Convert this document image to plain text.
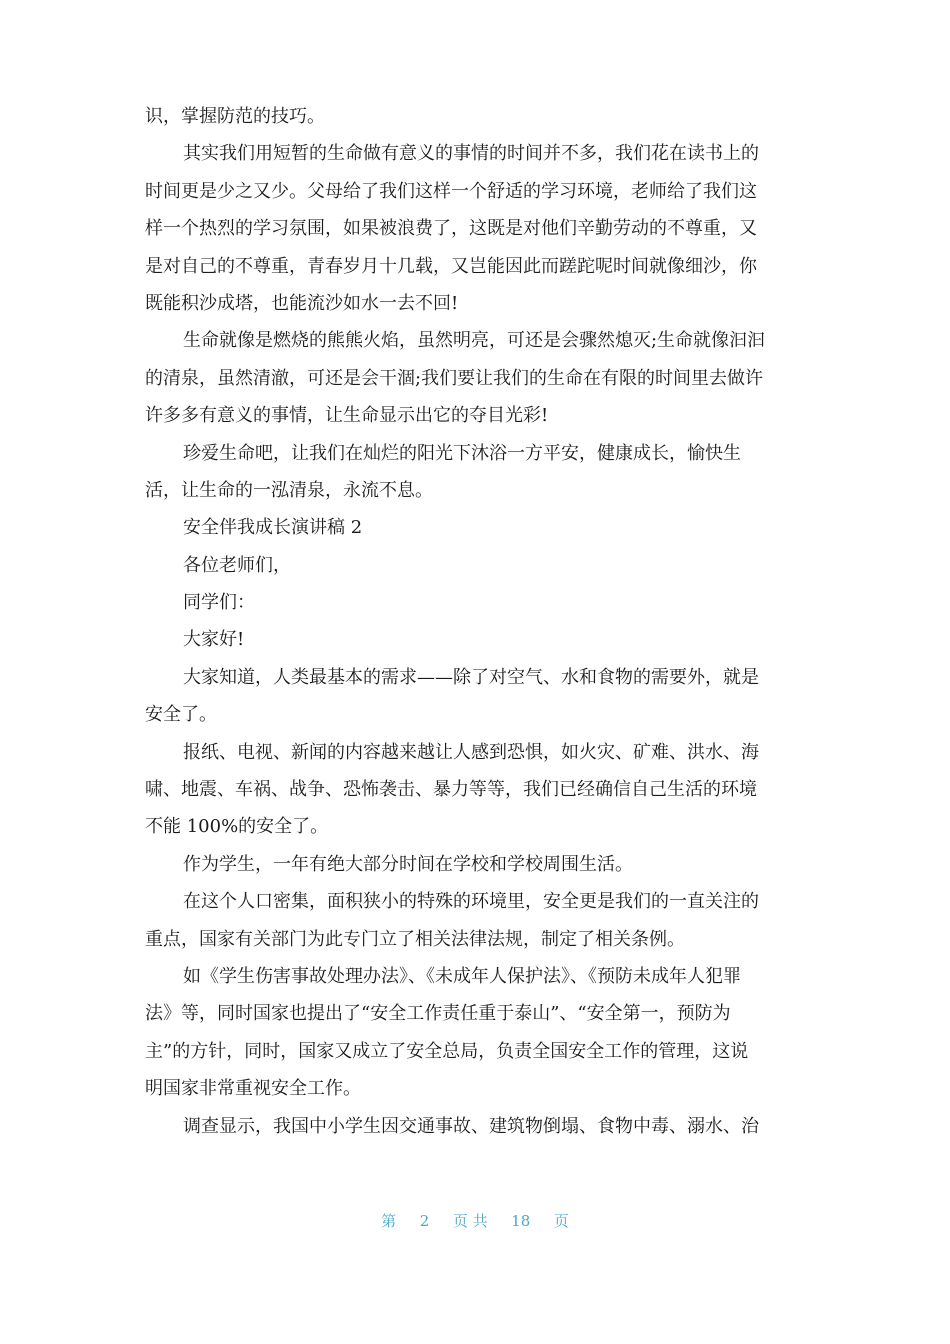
识，掌握防范的技巧。
其实我们用短暂的生命做有意义的事情的时间并不多，我们花在读书上的
时间更是少之又少。父母给了我们这样一个舒适的学习环境，老师给了我们这
样一个热烈的学习氛围，如果被浪费了，这既是对他们辛勤劳动的不尊重，又
是对自己的不尊重，青春岁月十几载，又岂能因此而蹉跎呢时间就像细沙，你
既能积沙成塔，也能流沙如水一去不回!
生命就像是燃烧的熊熊火焰，虽然明亮，可还是会骤然熄灭;生命就像汩汩
的清泉，虽然清澈，可还是会干涸;我们要让我们的生命在有限的时间里去做许
许多多有意义的事情，让生命显示出它的夺目光彩!
珍爱生命吧，让我们在灿烂的阳光下沐浴一方平安，健康成长，愉快生
活，让生命的一泓清泉，永流不息。
安全伴我成长演讲稿 2
各位老师们，
同学们：
大家好!
大家知道，人类最基本的需求——除了对空气、水和食物的需要外，就是
安全了。
报纸、电视、新闻的内容越来越让人感到恐惧，如火灾、矿难、洪水、海
啸、地震、车祸、战争、恐怖袭击、暴力等等，我们已经确信自己生活的环境
不能 100%的安全了。
作为学生，一年有绝大部分时间在学校和学校周围生活。
在这个人口密集，面积狭小的特殊的环境里，安全更是我们的一直关注的
重点，国家有关部门为此专门立了相关法律法规，制定了相关条例。
如《学生伤害事故处理办法》、《未成年人保护法》、《预防未成年人犯罪
法》等，同时国家也提出了“安全工作责任重于泰山”、“安全第一，预防为
主”的方针，同时，国家又成立了安全总局，负责全国安全工作的管理，这说
明国家非常重视安全工作。
调查显示，我国中小学生因交通事故、建筑物倒塌、食物中毒、溺水、治
第 2 页 共 18 页
